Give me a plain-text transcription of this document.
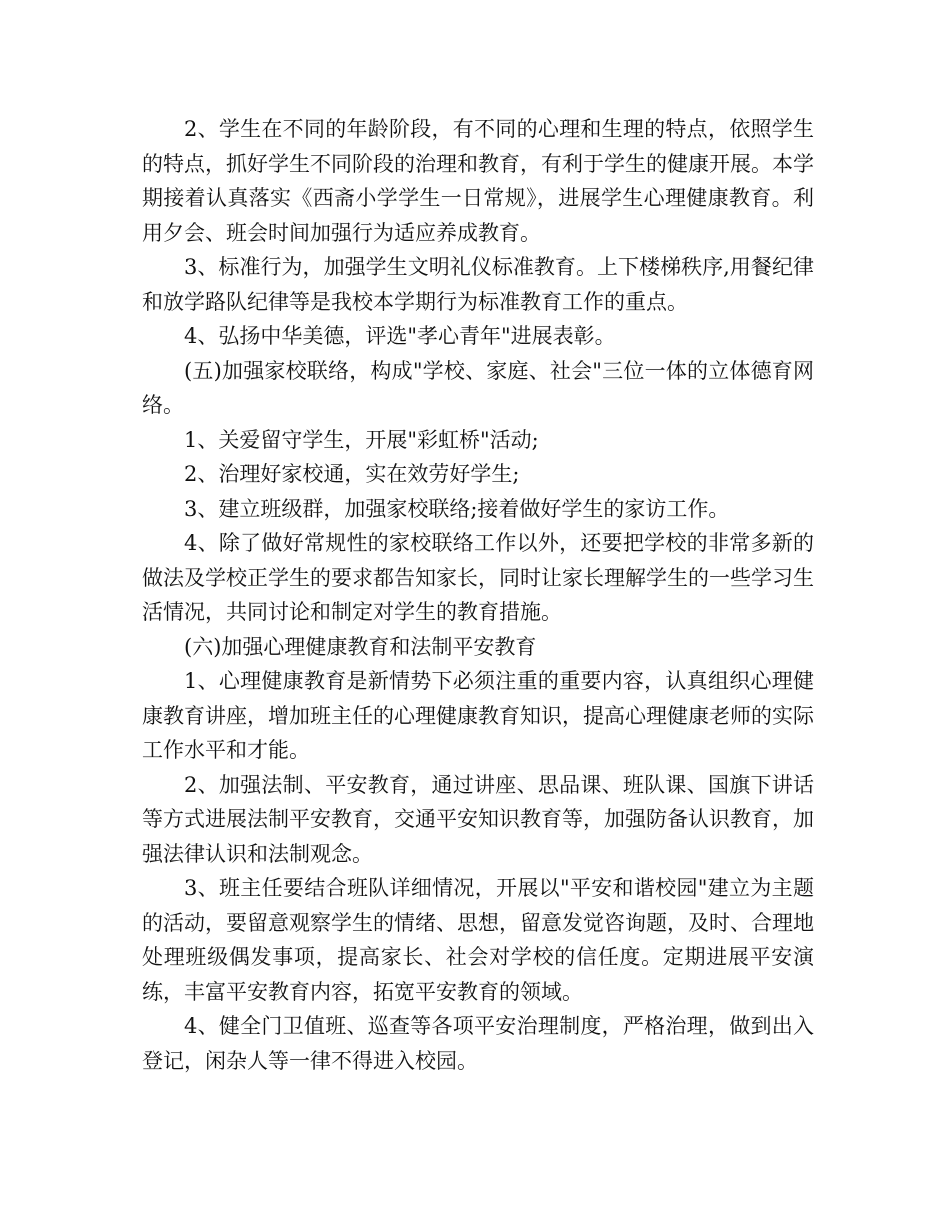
2、学生在不同的年龄阶段，有不同的心理和生理的特点，依照学生的特点，抓好学生不同阶段的治理和教育，有利于学生的健康开展。本学期接着认真落实《西斋小学学生一日常规》，进展学生心理健康教育。利用夕会、班会时间加强行为适应养成教育。

3、标准行为，加强学生文明礼仪标准教育。上下楼梯秩序,用餐纪律和放学路队纪律等是我校本学期行为标准教育工作的重点。

4、弘扬中华美德，评选"孝心青年"进展表彰。

(五)加强家校联络，构成"学校、家庭、社会"三位一体的立体德育网络。

1、关爱留守学生，开展"彩虹桥"活动;

2、治理好家校通，实在效劳好学生;

3、建立班级群，加强家校联络;接着做好学生的家访工作。

4、除了做好常规性的家校联络工作以外，还要把学校的非常多新的做法及学校正学生的要求都告知家长，同时让家长理解学生的一些学习生活情况，共同讨论和制定对学生的教育措施。

(六)加强心理健康教育和法制平安教育

1、心理健康教育是新情势下必须注重的重要内容，认真组织心理健康教育讲座，增加班主任的心理健康教育知识，提高心理健康老师的实际工作水平和才能。

2、加强法制、平安教育，通过讲座、思品课、班队课、国旗下讲话等方式进展法制平安教育，交通平安知识教育等，加强防备认识教育，加强法律认识和法制观念。

3、班主任要结合班队详细情况，开展以"平安和谐校园"建立为主题的活动，要留意观察学生的情绪、思想，留意发觉咨询题，及时、合理地处理班级偶发事项，提高家长、社会对学校的信任度。定期进展平安演练，丰富平安教育内容，拓宽平安教育的领域。

4、健全门卫值班、巡查等各项平安治理制度，严格治理，做到出入登记，闲杂人等一律不得进入校园。
